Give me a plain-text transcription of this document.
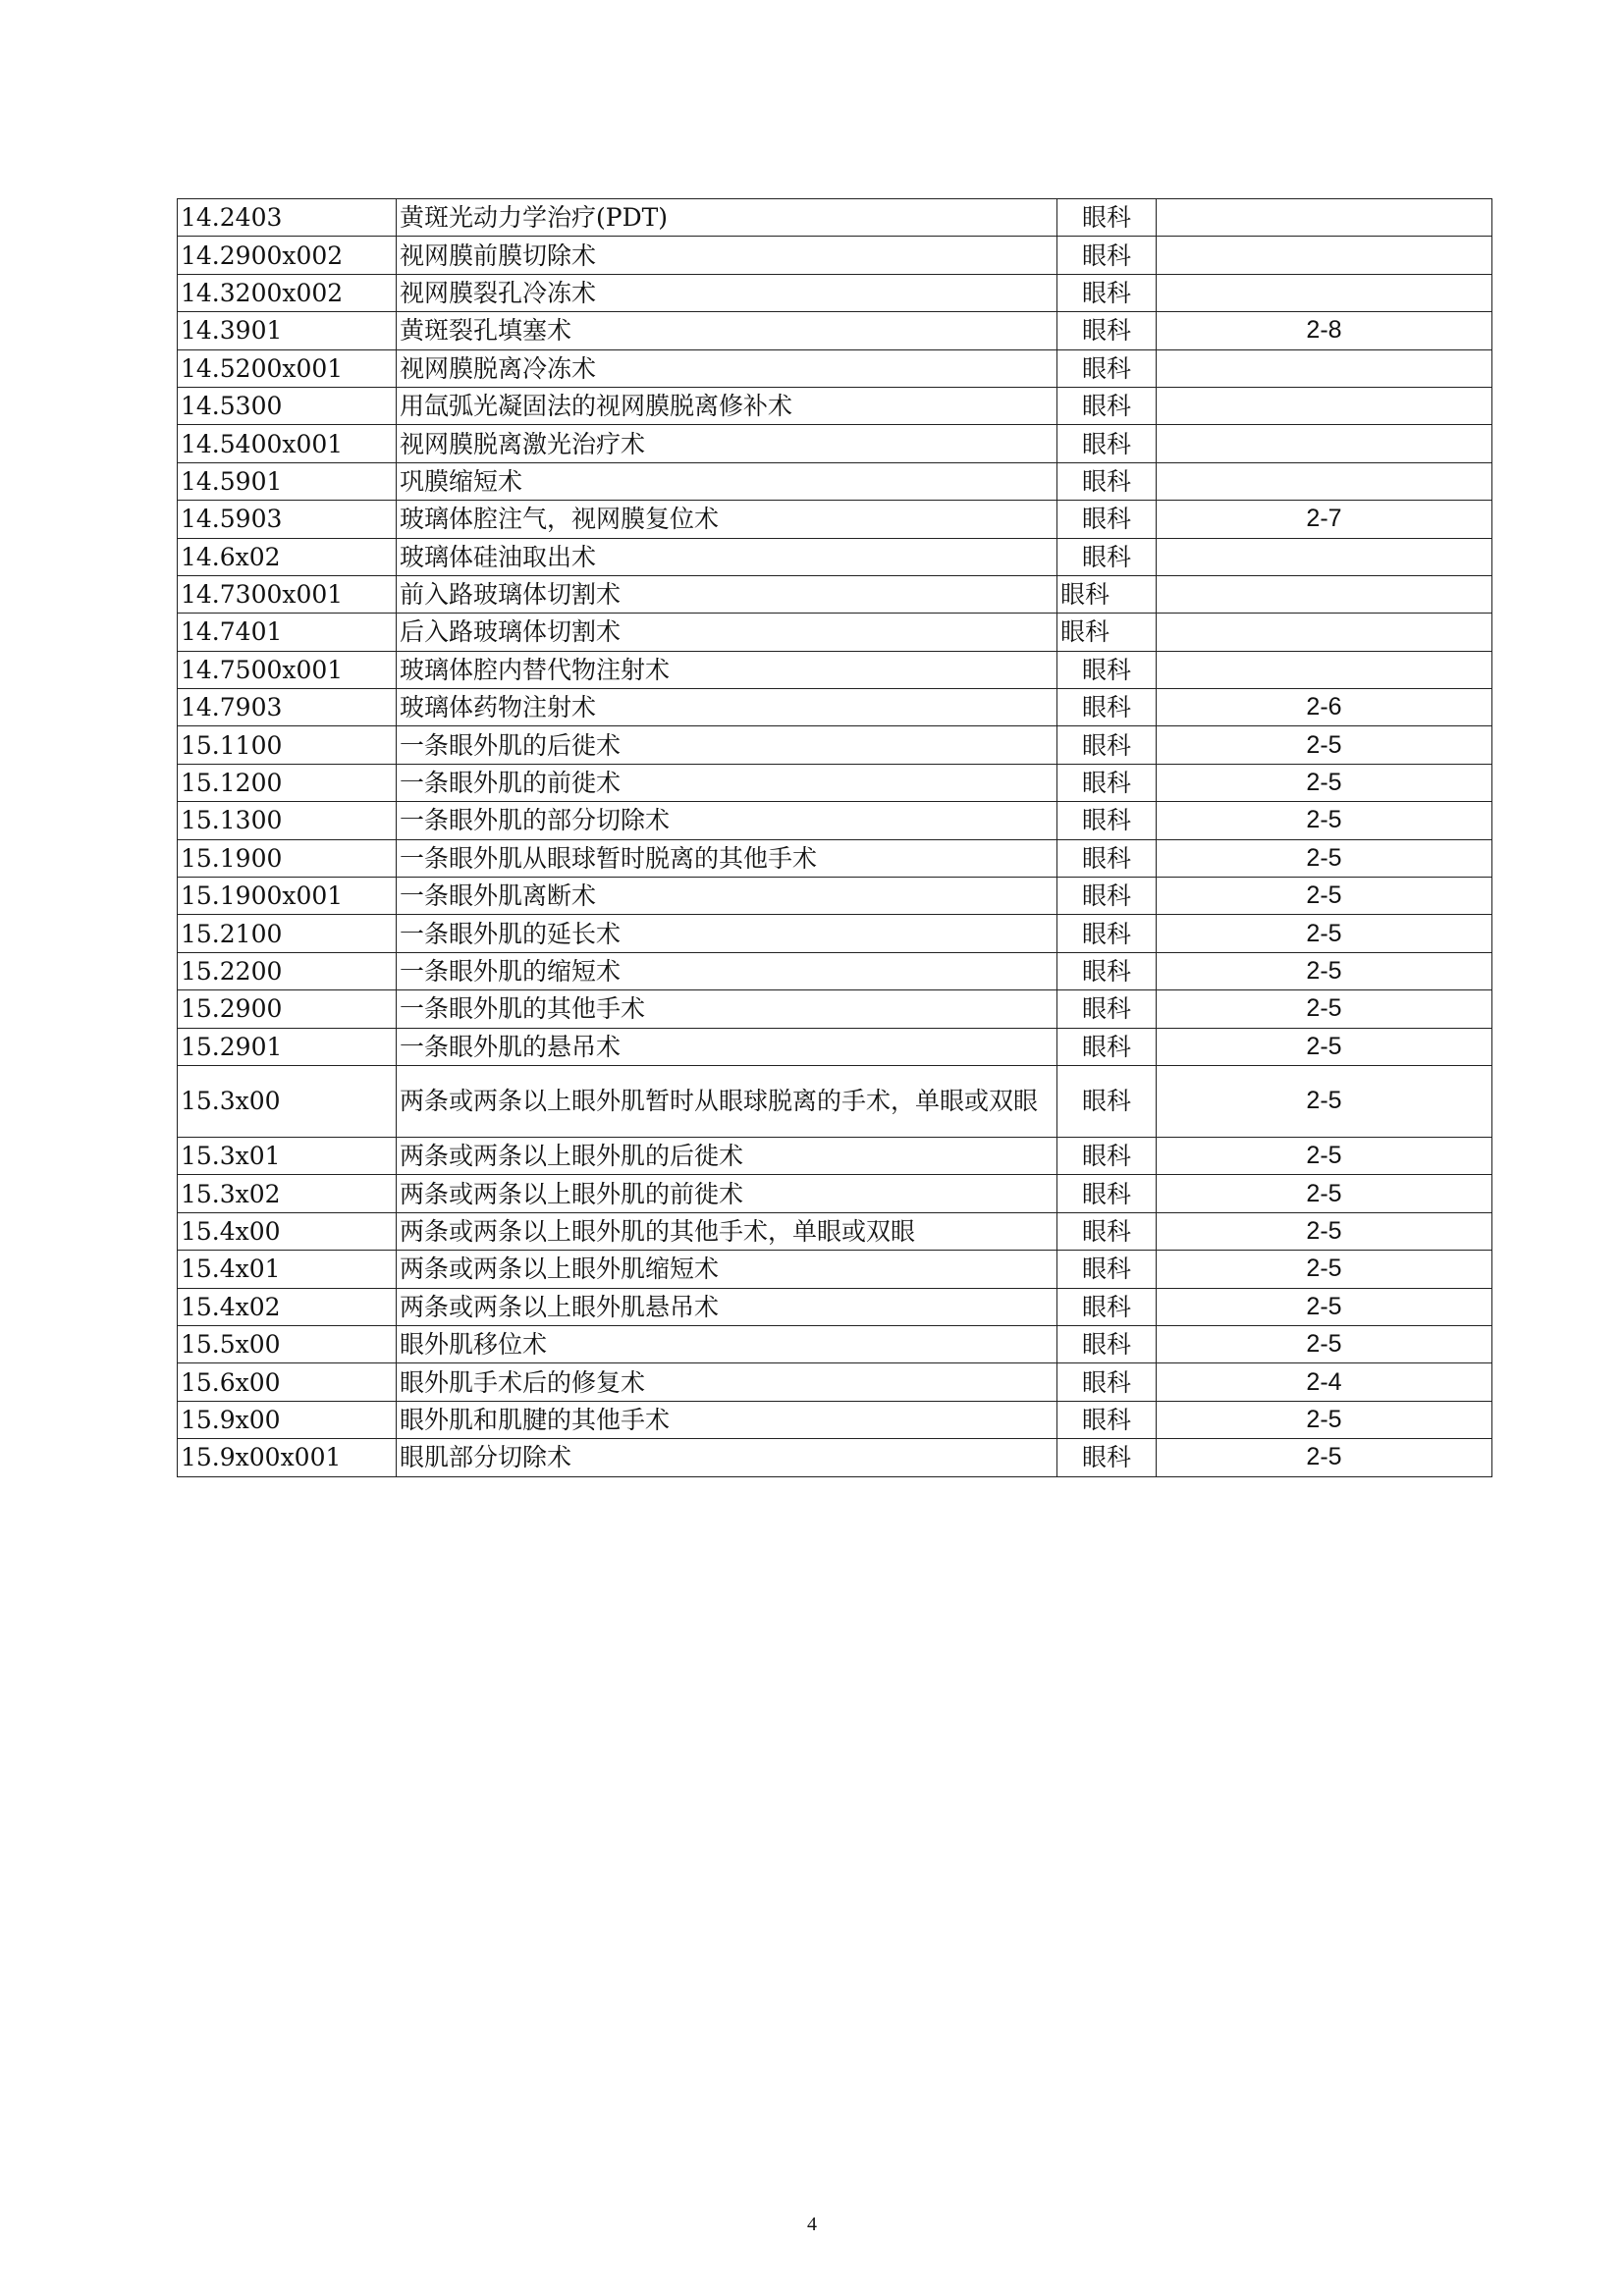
14.2403	黄斑光动力学治疗(PDT)	眼科	
14.2900x002	视网膜前膜切除术	眼科	
14.3200x002	视网膜裂孔冷冻术	眼科	
14.3901	黄斑裂孔填塞术	眼科	2-8
14.5200x001	视网膜脱离冷冻术	眼科	
14.5300	用氙弧光凝固法的视网膜脱离修补术	眼科	
14.5400x001	视网膜脱离激光治疗术	眼科	
14.5901	巩膜缩短术	眼科	
14.5903	玻璃体腔注气，视网膜复位术	眼科	2-7
14.6x02	玻璃体硅油取出术	眼科	
14.7300x001	前入路玻璃体切割术	眼科	
14.7401	后入路玻璃体切割术	眼科	
14.7500x001	玻璃体腔内替代物注射术	眼科	
14.7903	玻璃体药物注射术	眼科	2-6
15.1100	一条眼外肌的后徙术	眼科	2-5
15.1200	一条眼外肌的前徙术	眼科	2-5
15.1300	一条眼外肌的部分切除术	眼科	2-5
15.1900	一条眼外肌从眼球暂时脱离的其他手术	眼科	2-5
15.1900x001	一条眼外肌离断术	眼科	2-5
15.2100	一条眼外肌的延长术	眼科	2-5
15.2200	一条眼外肌的缩短术	眼科	2-5
15.2900	一条眼外肌的其他手术	眼科	2-5
15.2901	一条眼外肌的悬吊术	眼科	2-5
15.3x00	两条或两条以上眼外肌暂时从眼球脱离的手术，单眼或双眼	眼科	2-5
15.3x01	两条或两条以上眼外肌的后徙术	眼科	2-5
15.3x02	两条或两条以上眼外肌的前徙术	眼科	2-5
15.4x00	两条或两条以上眼外肌的其他手术，单眼或双眼	眼科	2-5
15.4x01	两条或两条以上眼外肌缩短术	眼科	2-5
15.4x02	两条或两条以上眼外肌悬吊术	眼科	2-5
15.5x00	眼外肌移位术	眼科	2-5
15.6x00	眼外肌手术后的修复术	眼科	2-4
15.9x00	眼外肌和肌腱的其他手术	眼科	2-5
15.9x00x001	眼肌部分切除术	眼科	2-5
4
